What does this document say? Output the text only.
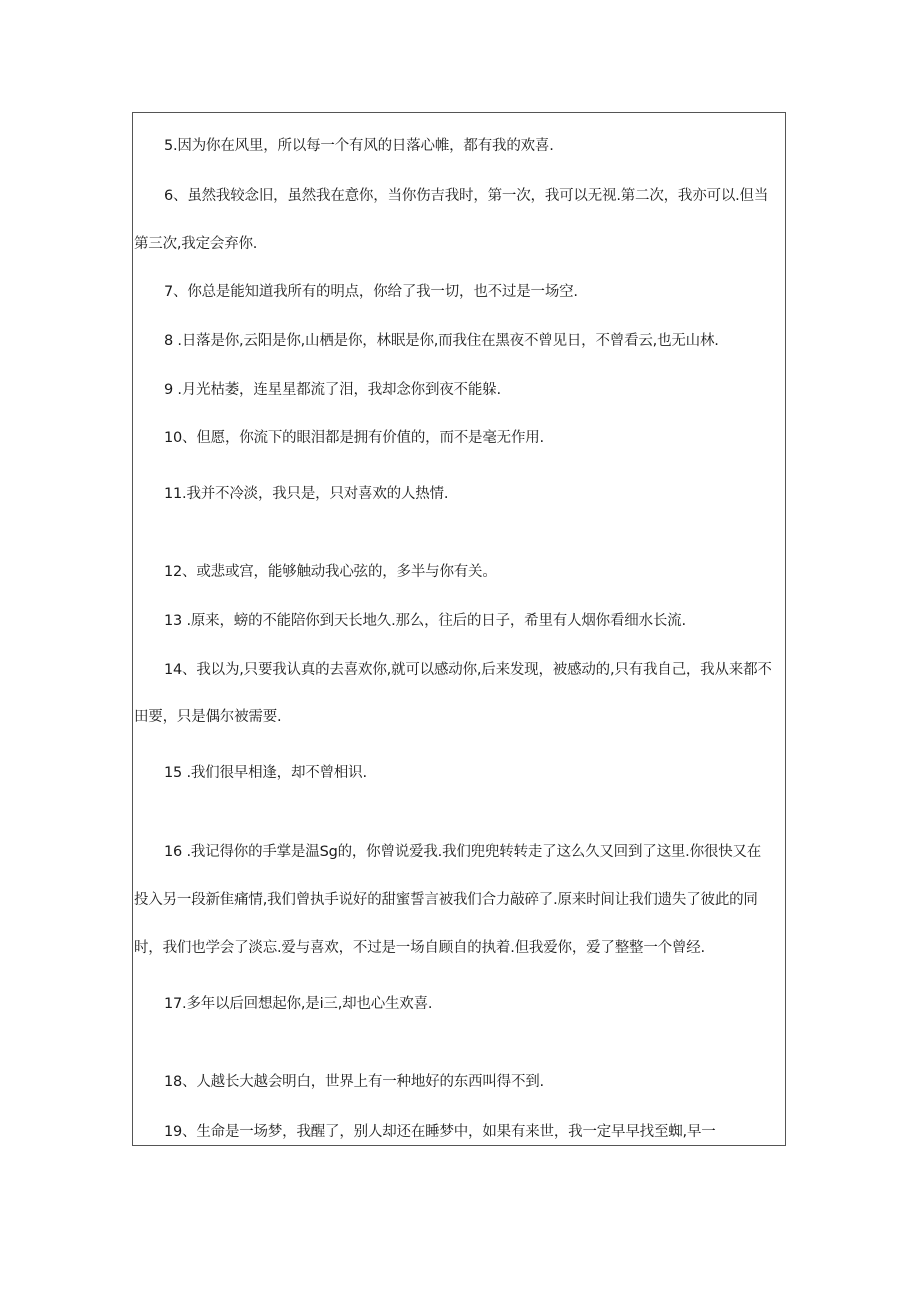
5.因为你在风里，所以每一个有风的日落心帷，都有我的欢喜.
6、虽然我较念旧，虽然我在意你，当你伤吉我时，第一次，我可以无视.第二次，我亦可以.但当
第三次,我定会弃你.
7、你总是能知道我所有的明点，你给了我一切，也不过是一场空.
8 .日落是你,云阳是你,山栖是你，林眠是你,而我住在黑夜不曾见日，不曾看云,也无山林.
9 .月光枯萎，连星星都流了泪，我却念你到夜不能躲.
10、但愿，你流下的眼泪都是拥有价值的，而不是毫无作用.
11.我并不冷淡，我只是，只对喜欢的人热情.
12、或悲或宫，能够触动我心弦的，多半与你有关。
13 .原来，螃的不能陪你到天长地久.那么，往后的日子，希里有人烟你看细水长流.
14、我以为,只要我认真的去喜欢你,就可以感动你,后来发现，被感动的,只有我自己，我从来都不
田要，只是偶尔被需要.
15 .我们很早相逢，却不曾相识.
16 .我记得你的手掌是温Sg的，你曾说爱我.我们兜兜转转走了这么久又回到了这里.你很快又在
投入另一段新隹痛情,我们曾执手说好的甜蜜誓言被我们合力敲碎了.原来时间让我们遗失了彼此的同
时，我们也学会了淡忘.爱与喜欢，不过是一场自顾自的执着.但我爱你，爱了整整一个曾经.
17.多年以后回想起你,是i三,却也心生欢喜.
18、人越长大越会明白，世界上有一种地好的东西叫得不到.
19、生命是一场梦，我醒了，别人却还在睡梦中，如果有来世，我一定早早找至蜘,早一
